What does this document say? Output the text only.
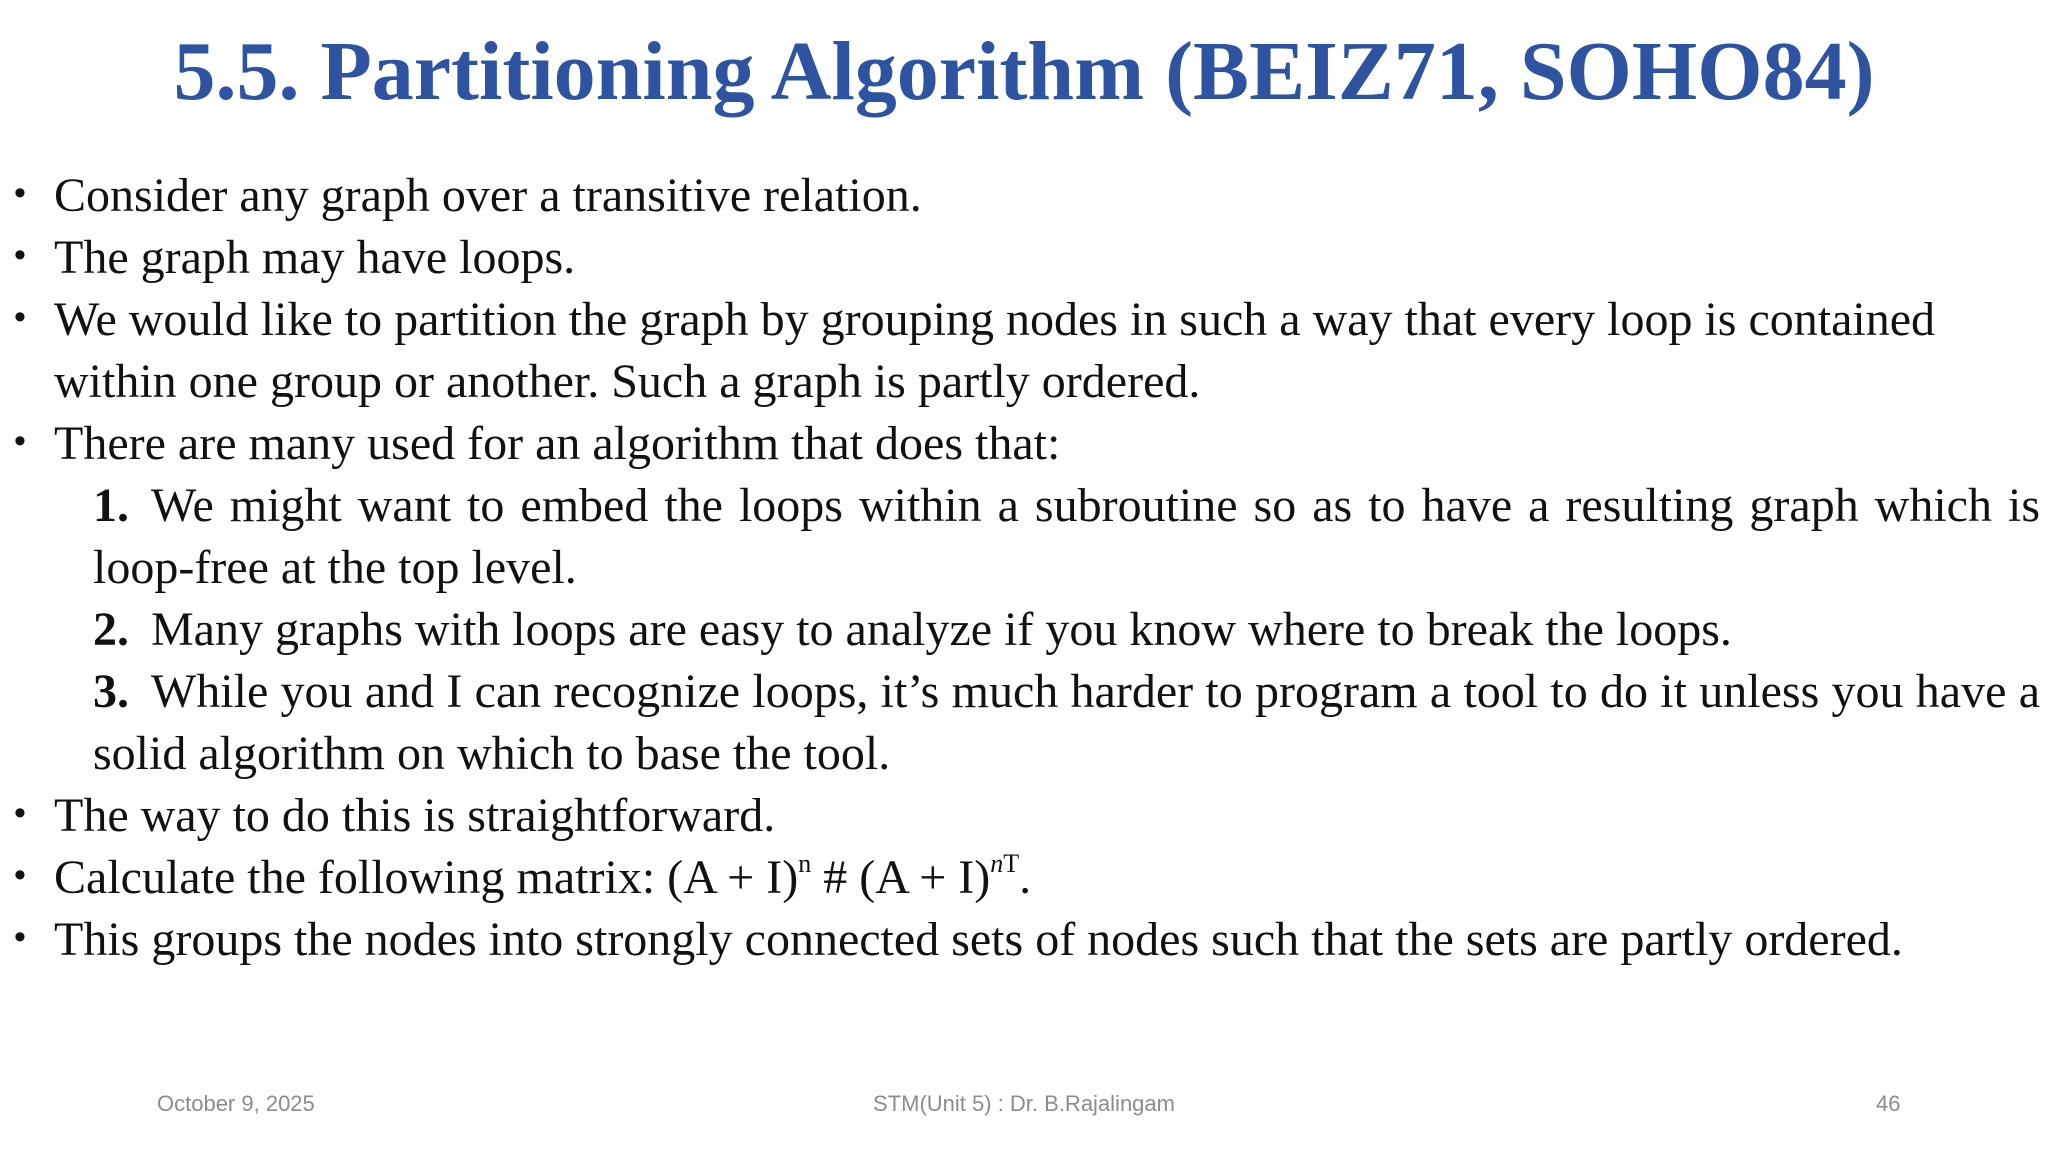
5.5. Partitioning Algorithm (BEIZ71, SOHO84)
• Consider any graph over a transitive relation.
• The graph may have loops.
• We would like to partition the graph by grouping nodes in such a way that every loop is contained within one group or another. Such a graph is partly ordered.
• There are many used for an algorithm that does that:
1. We might want to embed the loops within a subroutine so as to have a resulting graph which is loop-free at the top level.
2. Many graphs with loops are easy to analyze if you know where to break the loops.
3. While you and I can recognize loops, it’s much harder to program a tool to do it unless you have a solid algorithm on which to base the tool.
• The way to do this is straightforward.
• Calculate the following matrix: $(A + I)^n$ # $(A + I)^{nT}$.
• This groups the nodes into strongly connected sets of nodes such that the sets are partly ordered.
October 9, 2025	STM(Unit 5) : Dr. B.Rajalingam	46
